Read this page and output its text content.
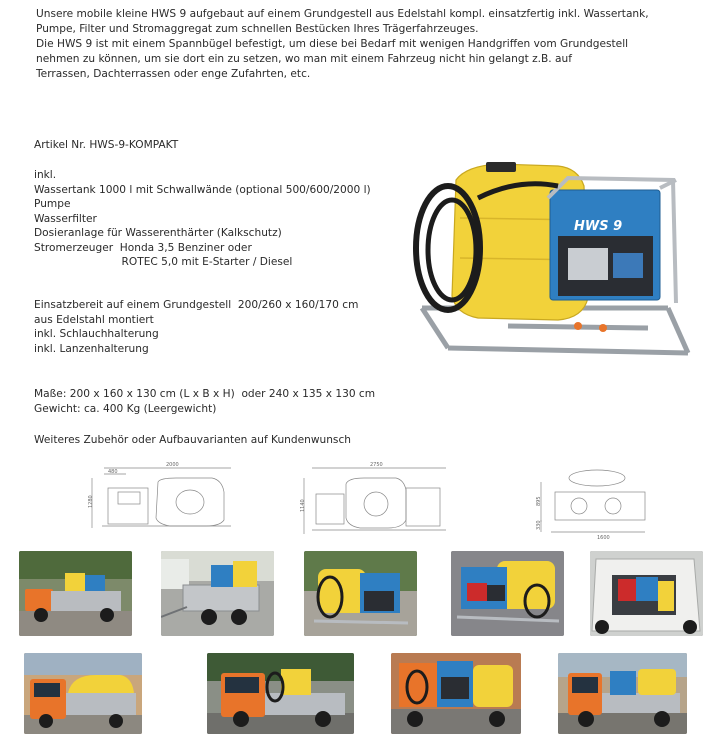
Unsere mobile kleine HWS 9 aufgebaut auf einem Grundgestell aus Edelstahl kompl. einsatzfertig inkl. Wassertank,

Pumpe, Filter und Stromaggregat zum schnellen Bestücken Ihres Trägerfahrzeuges.

Die HWS 9 ist mit einem Spannbügel befestigt, um diese bei Bedarf mit wenigen Handgriffen vom Grundgestell

nehmen zu können, um sie dort ein zu setzen, wo man mit einem Fahrzeug nicht hin gelangt z.B. auf

Terrassen, Dachterrassen oder enge Zufahrten, etc.

Artikel Nr. HWS-9-KOMPAKT

inkl.

Wassertank 1000 l mit Schwallwände (optional 500/600/2000 l)

Pumpe

Wasserfilter

Dosieranlage für Wasserenthärter (Kalkschutz)

Stromerzeuger  Honda 3,5 Benziner oder

ROTEC 5,0 mit E-Starter / Diesel

Einsatzbereit auf einem Grundgestell  200/260 x 160/170 cm

aus Edelstahl montiert

inkl. Schlauchhalterung

inkl. Lanzenhalterung

Maße: 200 x 160 x 130 cm (L x B x H)  oder 240 x 135 x 130 cm

Gewicht: ca. 400 Kg (Leergewicht)

Weiteres Zubehör oder Aufbauvarianten auf Kundenwunsch

HWS 9
2000
480
1280
2750
1140
1600
895
330
